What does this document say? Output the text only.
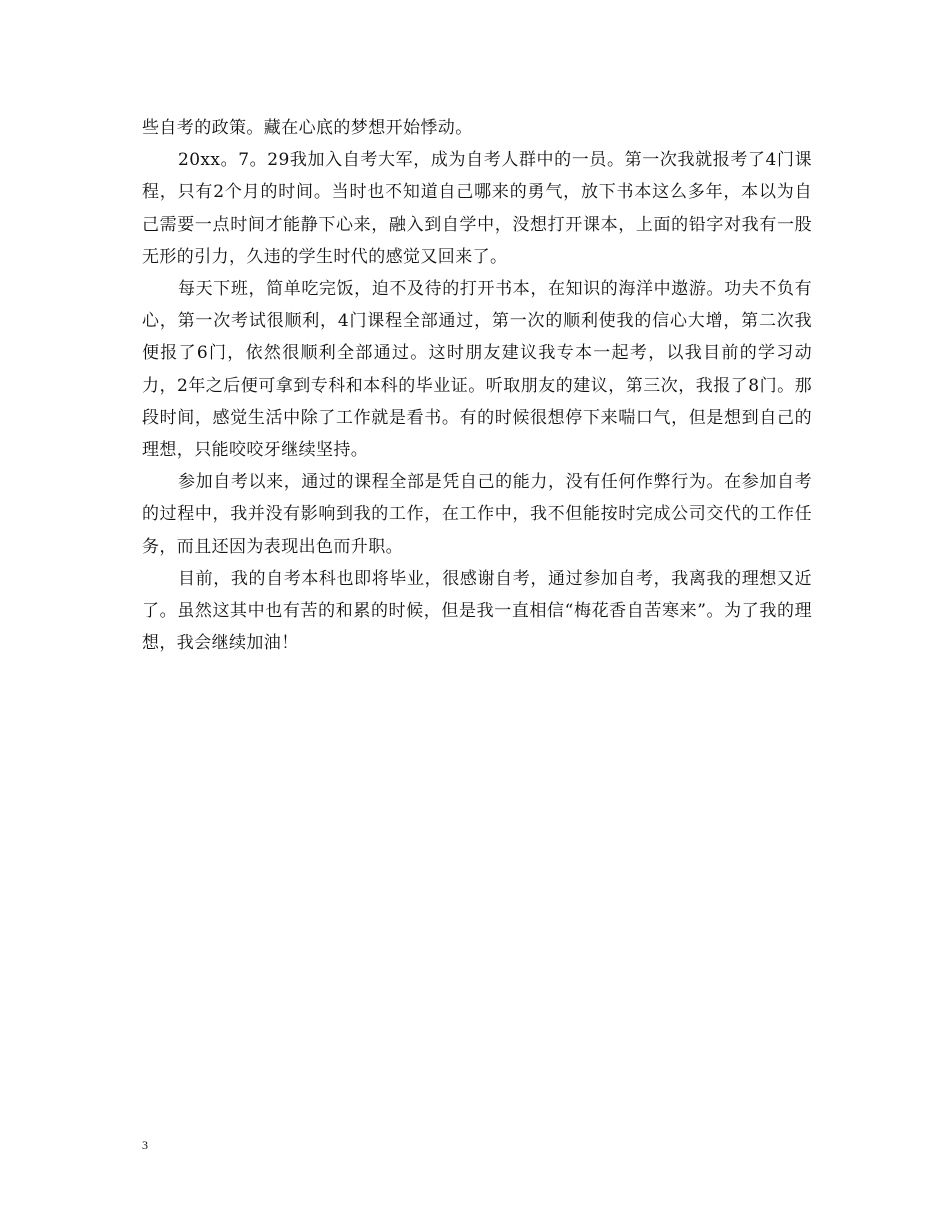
些自考的政策。藏在心底的梦想开始悸动。

20xx。7。29我加入自考大军，成为自考人群中的一员。第一次我就报考了4门课程，只有2个月的时间。当时也不知道自己哪来的勇气，放下书本这么多年，本以为自己需要一点时间才能静下心来，融入到自学中，没想打开课本，上面的铅字对我有一股无形的引力，久违的学生时代的感觉又回来了。

每天下班，简单吃完饭，迫不及待的打开书本，在知识的海洋中遨游。功夫不负有心，第一次考试很顺利，4门课程全部通过，第一次的顺利使我的信心大增，第二次我便报了6门，依然很顺利全部通过。这时朋友建议我专本一起考，以我目前的学习动力，2年之后便可拿到专科和本科的毕业证。听取朋友的建议，第三次，我报了8门。那段时间，感觉生活中除了工作就是看书。有的时候很想停下来喘口气，但是想到自己的理想，只能咬咬牙继续坚持。

参加自考以来，通过的课程全部是凭自己的能力，没有任何作弊行为。在参加自考的过程中，我并没有影响到我的工作，在工作中，我不但能按时完成公司交代的工作任务，而且还因为表现出色而升职。

目前，我的自考本科也即将毕业，很感谢自考，通过参加自考，我离我的理想又近了。虽然这其中也有苦的和累的时候，但是我一直相信“梅花香自苦寒来”。为了我的理想，我会继续加油！

3
